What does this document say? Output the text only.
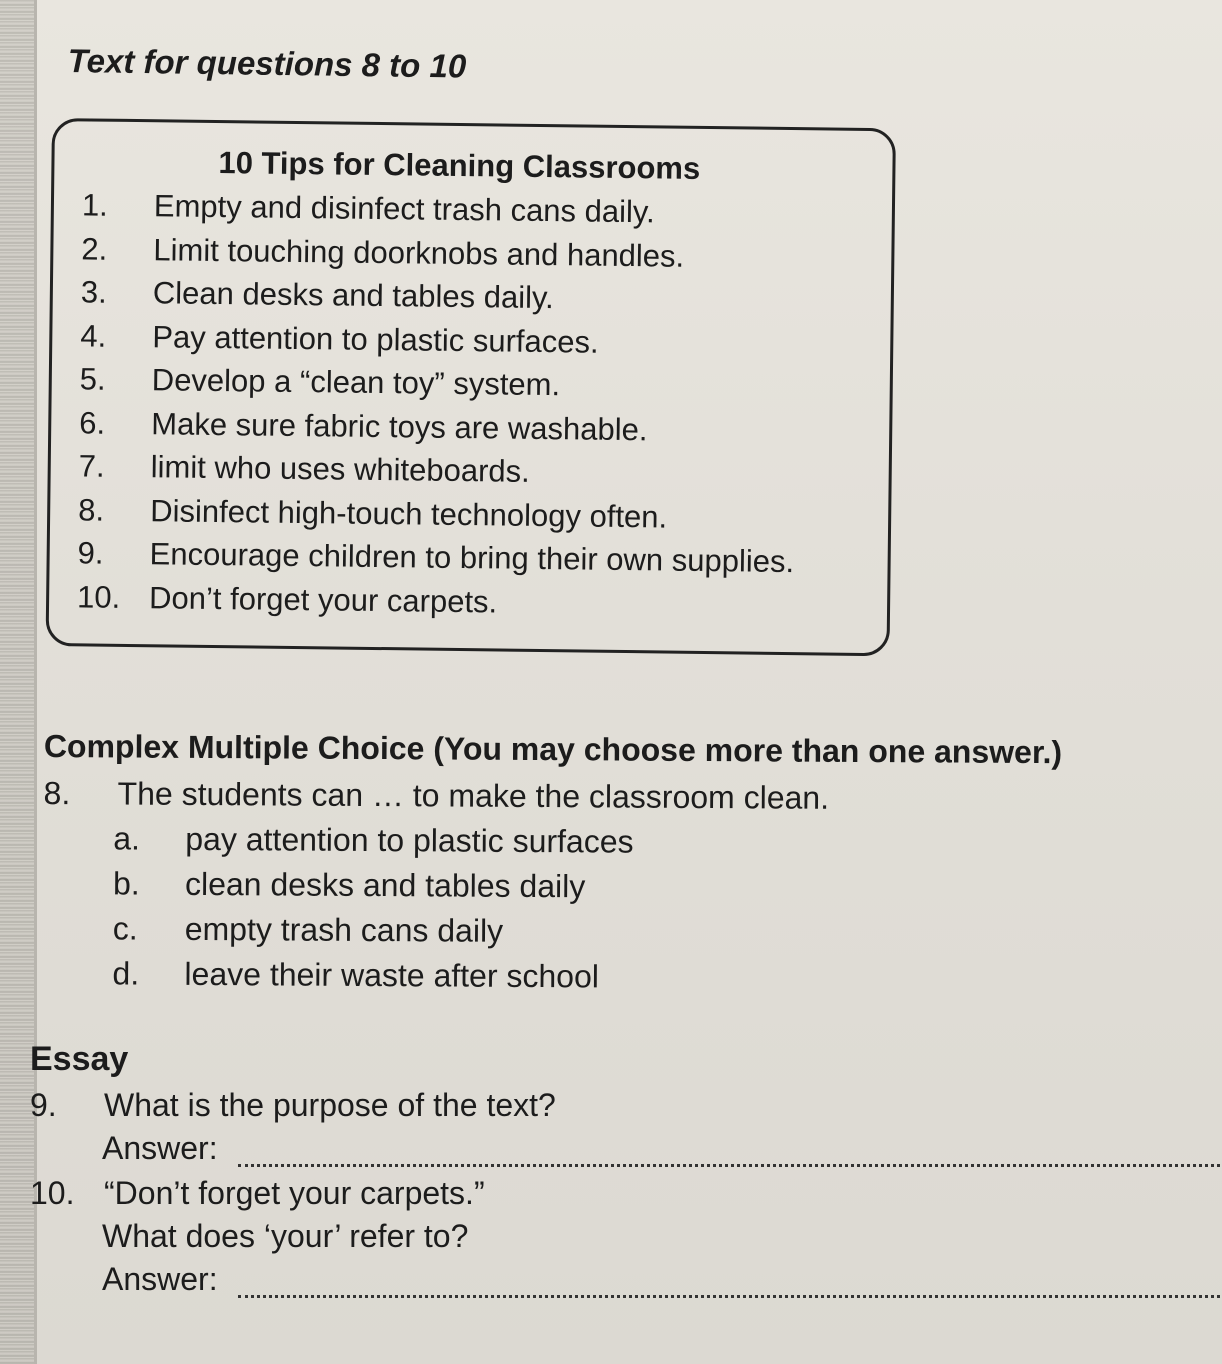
Text for questions 8 to 10
10 Tips for Cleaning Classrooms
1. Empty and disinfect trash cans daily.
2. Limit touching doorknobs and handles.
3. Clean desks and tables daily.
4. Pay attention to plastic surfaces.
5. Develop a “clean toy” system.
6. Make sure fabric toys are washable.
7. limit who uses whiteboards.
8. Disinfect high-touch technology often.
9. Encourage children to bring their own supplies.
10. Don’t forget your carpets.
Complex Multiple Choice (You may choose more than one answer.)
8. The students can … to make the classroom clean.
a. pay attention to plastic surfaces
b. clean desks and tables daily
c. empty trash cans daily
d. leave their waste after school
Essay
9. What is the purpose of the text?
Answer:
10. “Don’t forget your carpets.”
What does ‘your’ refer to?
Answer:
